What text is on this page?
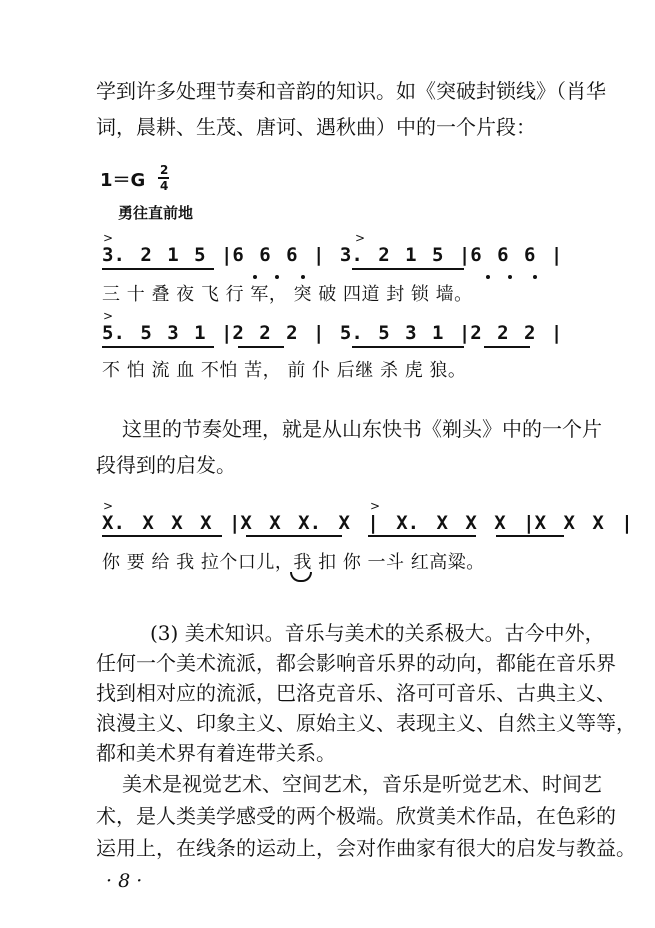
学到许多处理节奏和音韵的知识。如《突破封锁线》（肖华
词，晨耕、生茂、唐诃、遇秋曲）中的一个片段：
1＝G 2
4
勇往直前地
>	>
3. 2 1 5 |6 6 6 | 3. 2 1 5 |6 6 6 |
三 十 叠 夜 飞 行 军， 突 破 四道 封 锁 墙。
>
5. 5 3 1 |2 2 2 | 5. 5 3 1 |2 2 2 |
不 怕 流 血 不怕 苦， 前 仆 后继 杀 虎 狼。
这里的节奏处理，就是从山东快书《剃头》中的一个片
段得到的启发。
>	>
X. X X X |X X X. X | X. X X X |X X X |
你 要 给 我 拉个口儿，我 扣 你 一斗 红高粱。
(3) 美术知识。音乐与美术的关系极大。古今中外，
任何一个美术流派，都会影响音乐界的动向，都能在音乐界
找到相对应的流派，巴洛克音乐、洛可可音乐、古典主义、
浪漫主义、印象主义、原始主义、表现主义、自然主义等等，
都和美术界有着连带关系。
美术是视觉艺术、空间艺术，音乐是听觉艺术、时间艺
术，是人类美学感受的两个极端。欣赏美术作品，在色彩的
运用上，在线条的运动上，会对作曲家有很大的启发与教益。
· 8 ·
